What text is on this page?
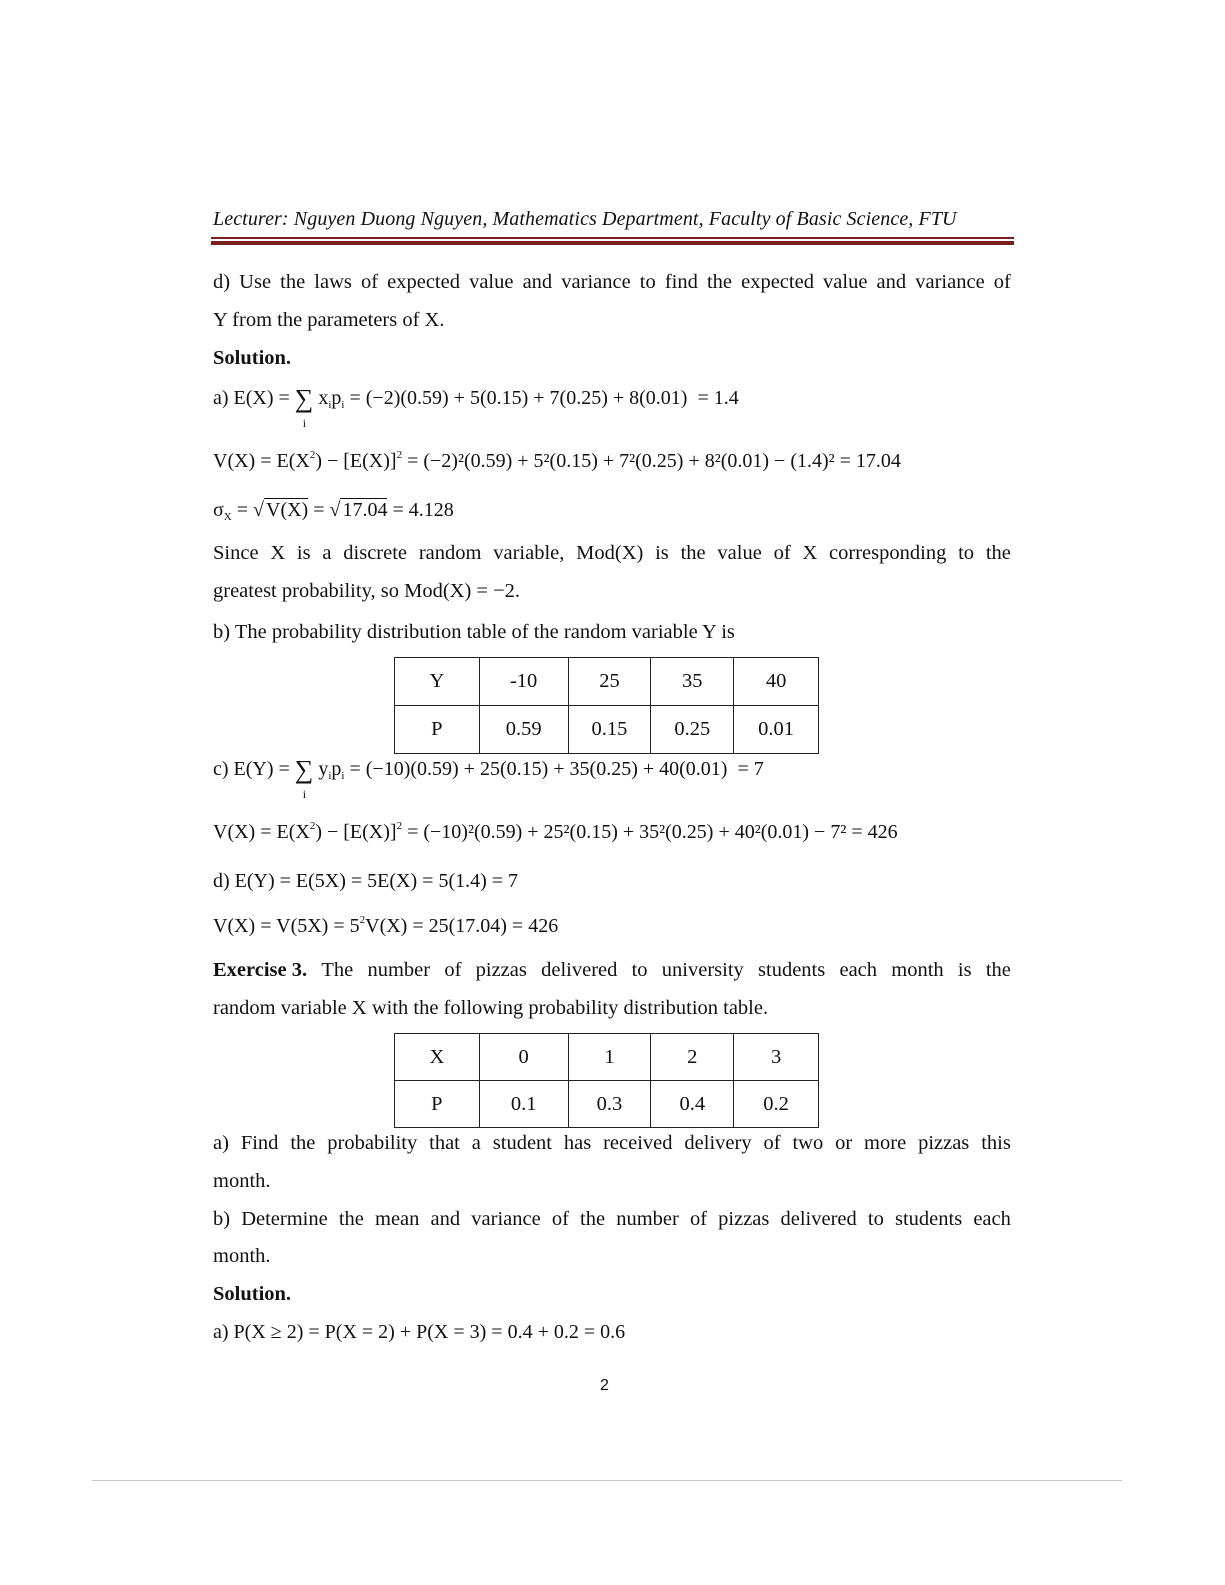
Lecturer: Nguyen Duong Nguyen, Mathematics Department, Faculty of Basic Science, FTU
d) Use the laws of expected value and variance to find the expected value and variance of
Y from the parameters of X.
Solution.
a) E(X) = ∑
i
$x_ip_i = (-2)(0.59) + 5(0.15) + 7(0.25) + 8(0.01) = 1.4$
$V(X) = E(X^2) - [E(X)]^2 = (-2)^2(0.59) + 5^2(0.15) + 7^2(0.25) + 8^2(0.01) - (1.4)^2 = 17.04$
$\sigma_X$ = √ V(X) = √ 17.04 = 4.128
Since X is a discrete random variable, Mod(X) is the value of X corresponding to the
greatest probability, so Mod(X) = −2.
b) The probability distribution table of the random variable Y is
Y	-10	25	35	40
P	0.59	0.15	0.25	0.01
c) E(Y) = ∑
i
$y_ip_i = (-10)(0.59) + 25(0.15) + 35(0.25) + 40(0.01) = 7$
$V(X) = E(X^2) - [E(X)]^2 = (-10)^2(0.59) + 25^2(0.15) + 35^2(0.25) + 40^2(0.01) - 7^2 = 426$
d) E(Y) = E(5X) = 5E(X) = 5(1.4) = 7
$V(X) = V(5X) = 5^2V(X) = 25(17.04) = 426$
Exercise 3. The number of pizzas delivered to university students each month is the
random variable X with the following probability distribution table.
X	0	1	2	3
P	0.1	0.3	0.4	0.2
a) Find the probability that a student has received delivery of two or more pizzas this
month.
b) Determine the mean and variance of the number of pizzas delivered to students each
month.
Solution.
a) P(X ≥ 2) = P(X = 2) + P(X = 3) = 0.4 + 0.2 = 0.6
2
